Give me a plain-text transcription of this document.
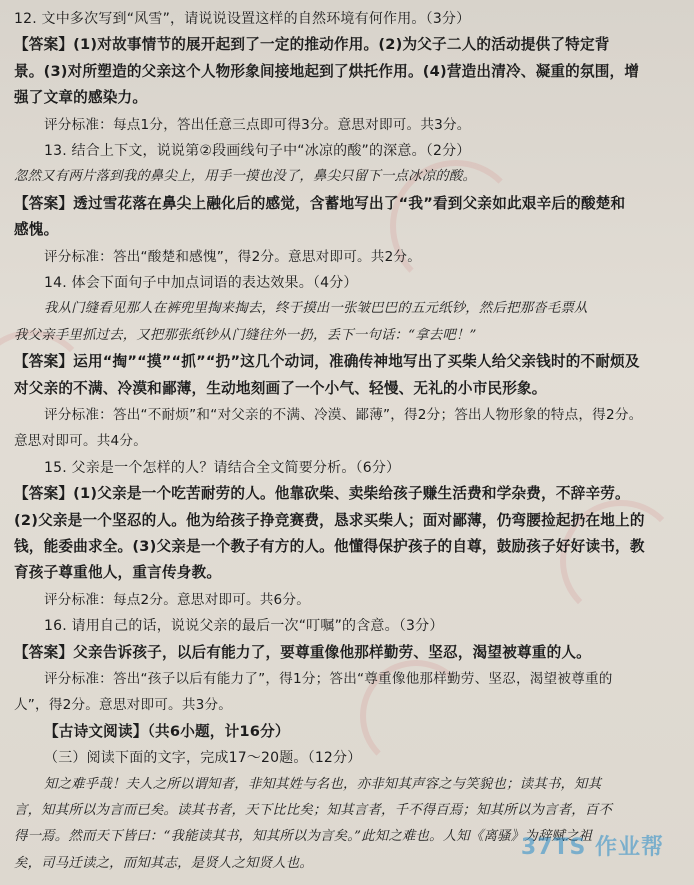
12. 文中多次写到“风雪”，请说说设置这样的自然环境有何作用。（3分）
【答案】(1)对故事情节的展开起到了一定的推动作用。(2)为父子二人的活动提供了特定背
景。(3)对所塑造的父亲这个人物形象间接地起到了烘托作用。(4)营造出清冷、凝重的氛围，增
强了文章的感染力。
评分标准：每点1分，答出任意三点即可得3分。意思对即可。共3分。
13. 结合上下文，说说第②段画线句子中“冰凉的酸”的深意。（2分）
忽然又有两片落到我的鼻尖上，用手一摸也没了，鼻尖只留下一点冰凉的酸。
【答案】透过雪花落在鼻尖上融化后的感觉，含蓄地写出了“我”看到父亲如此艰辛后的酸楚和
感愧。
评分标准：答出“酸楚和感愧”，得2分。意思对即可。共2分。
14. 体会下面句子中加点词语的表达效果。（4分）
我从门缝看见那人在裤兜里掏来掏去，终于摸出一张皱巴巴的五元纸钞，然后把那沓毛票从
我父亲手里抓过去，又把那张纸钞从门缝往外一扔，丢下一句话：“拿去吧！”
【答案】运用“掏”“摸”“抓”“扔”这几个动词，准确传神地写出了买柴人给父亲钱时的不耐烦及
对父亲的不满、冷漠和鄙薄，生动地刻画了一个小气、轻慢、无礼的小市民形象。
评分标准：答出“不耐烦”和“对父亲的不满、冷漠、鄙薄”，得2分；答出人物形象的特点，得2分。
意思对即可。共4分。
15. 父亲是一个怎样的人？请结合全文简要分析。（6分）
【答案】(1)父亲是一个吃苦耐劳的人。他靠砍柴、卖柴给孩子赚生活费和学杂费，不辞辛劳。
(2)父亲是一个坚忍的人。他为给孩子挣竞赛费，恳求买柴人；面对鄙薄，仍弯腰捡起扔在地上的
钱，能委曲求全。(3)父亲是一个教子有方的人。他懂得保护孩子的自尊，鼓励孩子好好读书，教
育孩子尊重他人，重言传身教。
评分标准：每点2分。意思对即可。共6分。
16. 请用自己的话，说说父亲的最后一次“叮嘱”的含意。（3分）
【答案】父亲告诉孩子，以后有能力了，要尊重像他那样勤劳、坚忍，渴望被尊重的人。
评分标准：答出“孩子以后有能力了”，得1分；答出“尊重像他那样勤劳、坚忍，渴望被尊重的
人”，得2分。意思对即可。共3分。
【古诗文阅读】（共6小题，计16分）
（三）阅读下面的文字，完成17～20题。（12分）
知之难乎哉！夫人之所以谓知者，非知其姓与名也，亦非知其声容之与笑貌也；读其书，知其
言，知其所以为言而已矣。读其书者，天下比比矣；知其言者，千不得百焉；知其所以为言者，百不
得一焉。然而天下皆曰：“我能读其书，知其所以为言矣。”此知之难也。人知《离骚》为辞赋之祖
矣，司马迁读之，而知其志，是贤人之知贤人也。
37TS 作业帮
